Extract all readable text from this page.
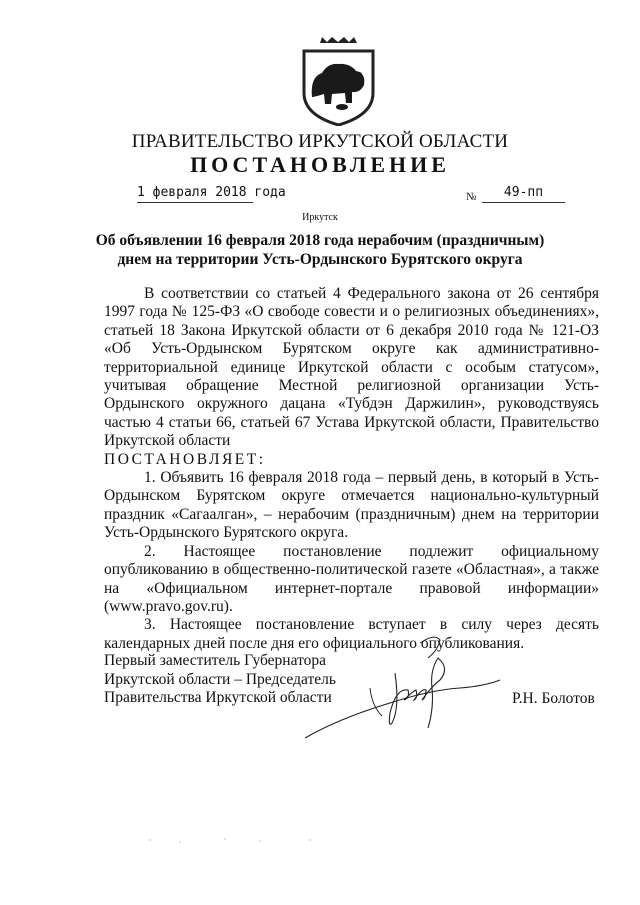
ПРАВИТЕЛЬСТВО ИРКУТСКОЙ ОБЛАСТИ
ПОСТАНОВЛЕНИЕ
1 февраля 2018 года	№	49-пп
Иркутск
Об объявлении 16 февраля 2018 года нерабочим (праздничным) днем на территории Усть-Ордынского Бурятского округа

В соответствии со статьей 4 Федерального закона от 26 сентября 1997 года № 125-ФЗ «О свободе совести и о религиозных объединениях», статьей 18 Закона Иркутской области от 6 декабря 2010 года № 121-ОЗ «Об Усть-Ордынском Бурятском округе как административно-территориальной единице Иркутской области с особым статусом», учитывая обращение Местной религиозной организации Усть-Ордынского окружного дацана «Тубдэн Даржилин», руководствуясь частью 4 статьи 66, статьей 67 Устава Иркутской области, Правительство Иркутской области

ПОСТАНОВЛЯЕТ:

1. Объявить 16 февраля 2018 года – первый день, в который в Усть-Ордынском Бурятском округе отмечается национально-культурный праздник «Сагаалган», – нерабочим (праздничным) днем на территории Усть-Ордынского Бурятского округа.

2. Настоящее постановление подлежит официальному опубликованию в общественно-политической газете «Областная», а также на «Официальном интернет-портале правовой информации» (www.pravo.gov.ru).

3. Настоящее постановление вступает в силу через десять календарных дней после дня его официального опубликования.

Первый заместитель Губернатора
Иркутской области – Председатель
Правительства Иркутской области	Р.Н. Болотов
